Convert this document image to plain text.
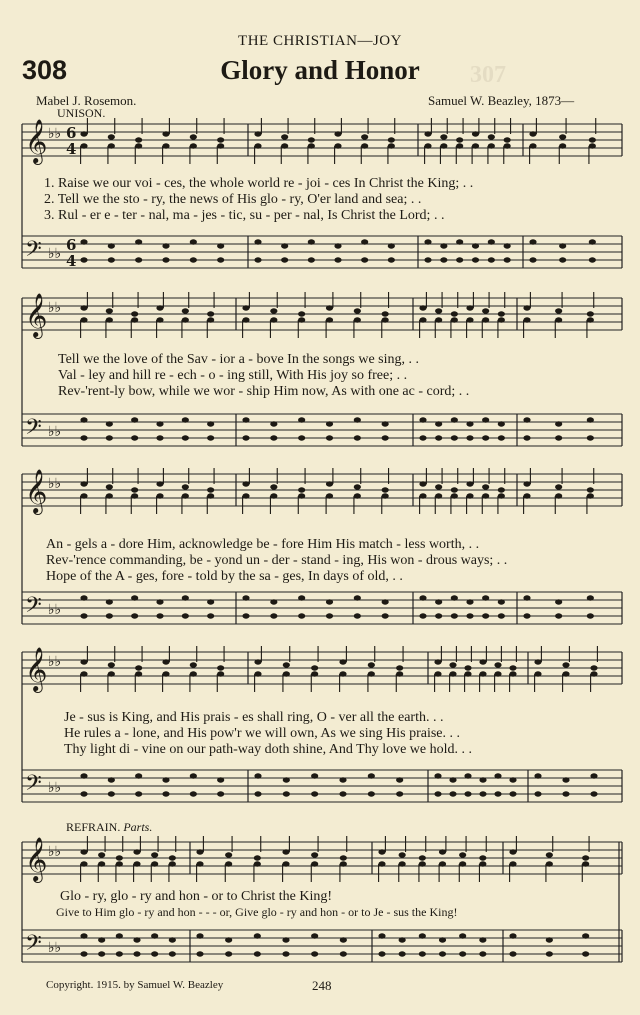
307
THE CHRISTIAN—JOY
308	Glory and Honor
Mabel J. Rosemon.	Samuel W. Beazley, 1873—
UNISON.
𝄞 ♭♭ 6
4
𝄢 ♭♭ 6
4
𝄞 ♭♭
𝄢 ♭♭
𝄞 ♭♭
𝄢 ♭♭
𝄞 ♭♭
𝄢 ♭♭
𝄞 ♭♭
𝄢 ♭♭
1. Raise we our voi - ces, the whole world re - joi - ces In Christ the King; . .
2. Tell we the sto - ry, the news of His glo - ry, O'er land and sea; . .
3. Rul - er e - ter - nal, ma - jes - tic, su - per - nal, Is Christ the Lord; . .
Tell we the love of the Sav - ior a - bove In the songs we sing, . .
Val - ley and hill re - ech - o - ing still, With His joy so free; . .
Rev-'rent-ly bow, while we wor - ship Him now, As with one ac - cord; . .
An - gels a - dore Him, acknowledge be - fore Him His match - less worth, . .
Rev-'rence commanding, be - yond un - der - stand - ing, His won - drous ways; . .
Hope of the A - ges, fore - told by the sa - ges, In days of old, . .
Je - sus is King, and His prais - es shall ring, O - ver all the earth. . .
He rules a - lone, and His pow'r we will own, As we sing His praise. . .
Thy light di - vine on our path-way doth shine, And Thy love we hold. . .
REFRAIN. Parts.
Glo - ry, glo - ry and hon - or to Christ the King!
Give to Him glo - ry and hon - - - or, Give glo - ry and hon - or to Je - sus the King!
Copyright. 1915. by Samuel W. Beazley	248
